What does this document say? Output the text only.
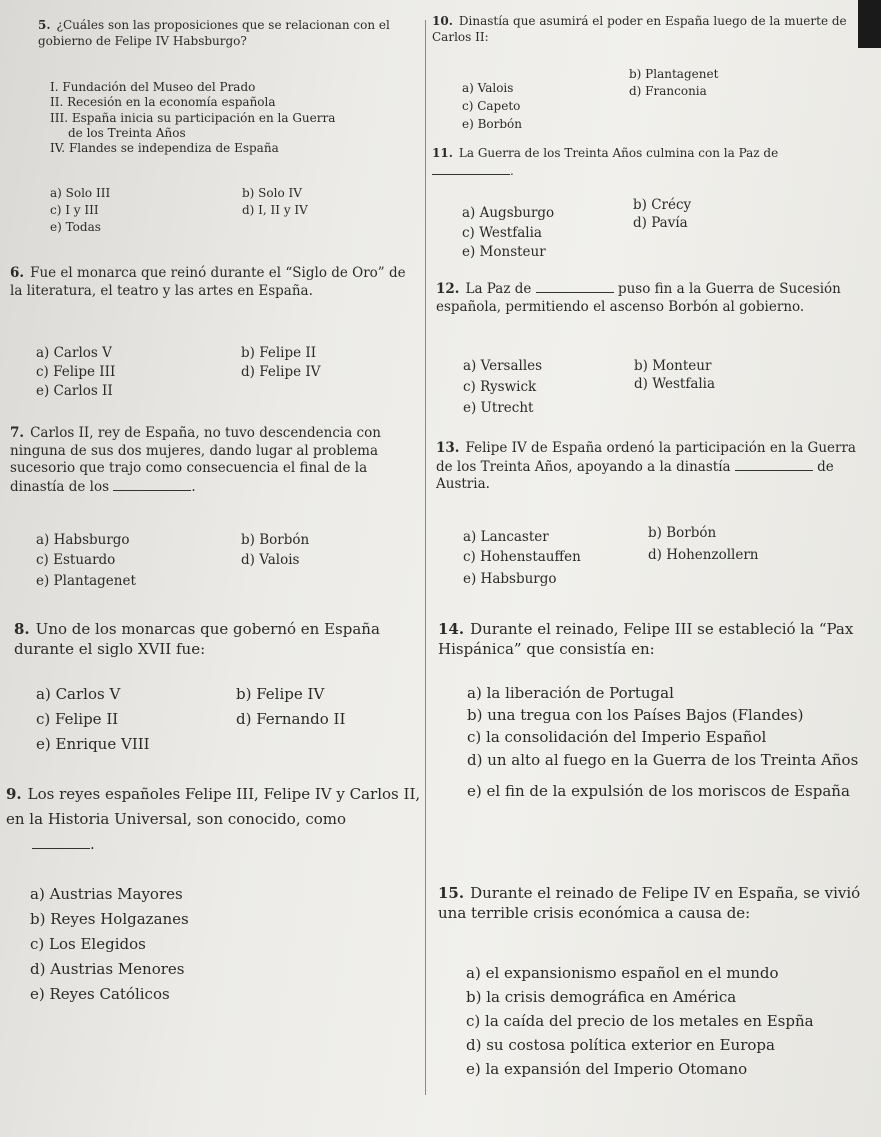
5. ¿Cuáles son las proposiciones que se relacionan con el gobierno de Felipe IV Habsburgo?
I. Fundación del Museo del Prado
II. Recesión en la economía española
III. España inicia su participación en la Guerra
de los Treinta Años
IV. Flandes se independiza de España
a) Solo III	b) Solo IV
c) I y III	d) I, II y IV
e) Todas
6. Fue el monarca que reinó durante el “Siglo de Oro” de la literatura, el teatro y las artes en España.
a) Carlos V	b) Felipe II
c) Felipe III	d) Felipe IV
e) Carlos II
7. Carlos II, rey de España, no tuvo descendencia con ninguna de sus dos mujeres, dando lugar al problema sucesorio que trajo como consecuencia el final de la dinastía de los	.
a) Habsburgo	b) Borbón
c) Estuardo	d) Valois
e) Plantagenet
8. Uno de los monarcas que gobernó en España durante el siglo XVII fue:
a) Carlos V	b) Felipe IV
c) Felipe II	d) Fernando II
e) Enrique VIII
9. Los reyes españoles Felipe III, Felipe IV y Carlos II, en la Historia Universal, son conocido, como
.
a) Austrias Mayores
b) Reyes Holgazanes
c) Los Elegidos
d) Austrias Menores
e) Reyes Católicos
10. Dinastía que asumirá el poder en España luego de la muerte de Carlos II:
a) Valois
b) Plantagenet
c) Capeto
d) Franconia
e) Borbón
11. La Guerra de los Treinta Años culmina con la Paz de .
a) Augsburgo	b) Crécy
c) Westfalia
d) Pavía
e) Monsteur
12. La Paz de	puso fin a la Guerra de Sucesión española, permitiendo el ascenso Borbón al gobierno.
a) Versalles	b) Monteur
c) Ryswick	d) Westfalia
e) Utrecht
13. Felipe IV de España ordenó la participación en la Guerra de los Treinta Años, apoyando a la dinastía	de Austria.
a) Lancaster	b) Borbón
c) Hohenstauffen	d) Hohenzollern
e) Habsburgo
14. Durante el reinado, Felipe III se estableció la “Pax Hispánica” que consistía en:
a) la liberación de Portugal
b) una tregua con los Países Bajos (Flandes)
c) la consolidación del Imperio Español
d) un alto al fuego en la Guerra de los Treinta Años
e) el fin de la expulsión de los moriscos de España
15. Durante el reinado de Felipe IV en España, se vivió una terrible crisis económica a causa de:
a) el expansionismo español en el mundo
b) la crisis demográfica en América
c) la caída del precio de los metales en Espña
d) su costosa política exterior en Europa
e) la expansión del Imperio Otomano
